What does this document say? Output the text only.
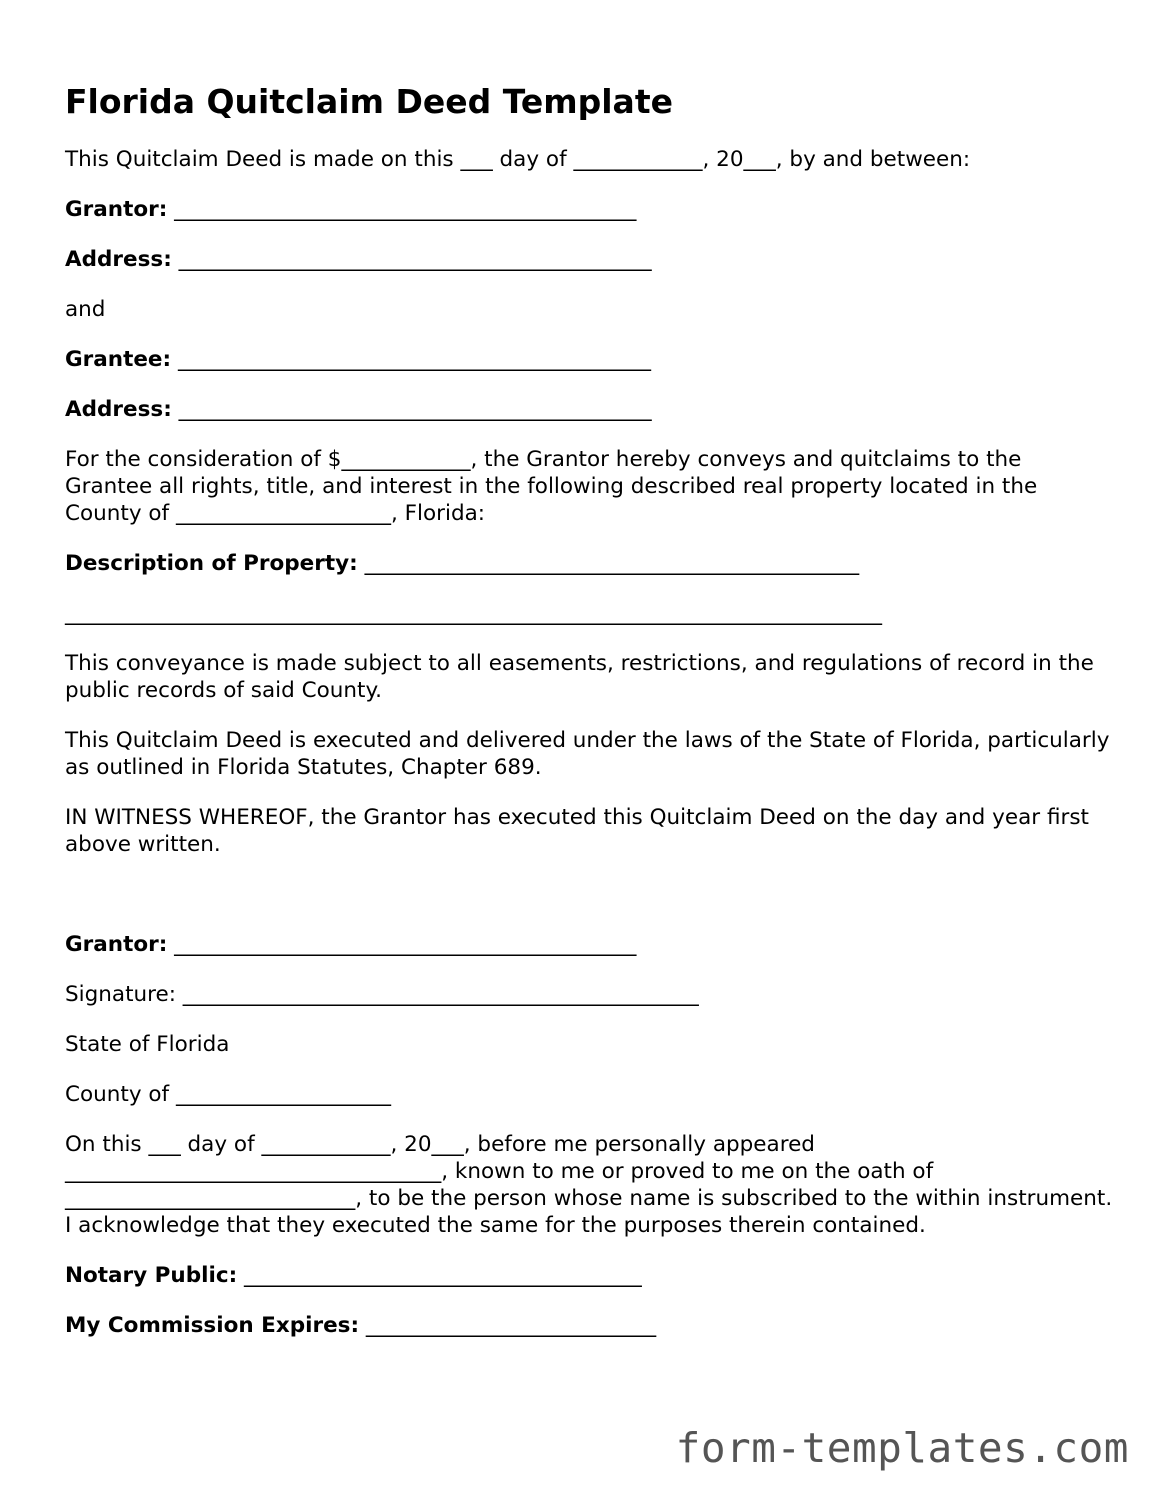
Florida Quitclaim Deed Template

This Quitclaim Deed is made on this ___ day of ____________, 20___, by and between:

Grantor: ___________________________________________

Address: ____________________________________________

and

Grantee: ____________________________________________

Address: ____________________________________________

For the consideration of $____________, the Grantor hereby conveys and quitclaims to the Grantee all rights, title, and interest in the following described real property located in the County of ____________________, Florida:

Description of Property: ______________________________________________

____________________________________________________________________________

This conveyance is made subject to all easements, restrictions, and regulations of record in the public records of said County.

This Quitclaim Deed is executed and delivered under the laws of the State of Florida, particularly as outlined in Florida Statutes, Chapter 689.

IN WITNESS WHEREOF, the Grantor has executed this Quitclaim Deed on the day and year first above written.

Grantor: ___________________________________________

Signature: ________________________________________________

State of Florida

County of ____________________

On this ___ day of ____________, 20___, before me personally appeared ___________________________________, known to me or proved to me on the oath of ___________________________, to be the person whose name is subscribed to the within instrument. I acknowledge that they executed the same for the purposes therein contained.

Notary Public: _____________________________________

My Commission Expires: ___________________________

form-templates.com
